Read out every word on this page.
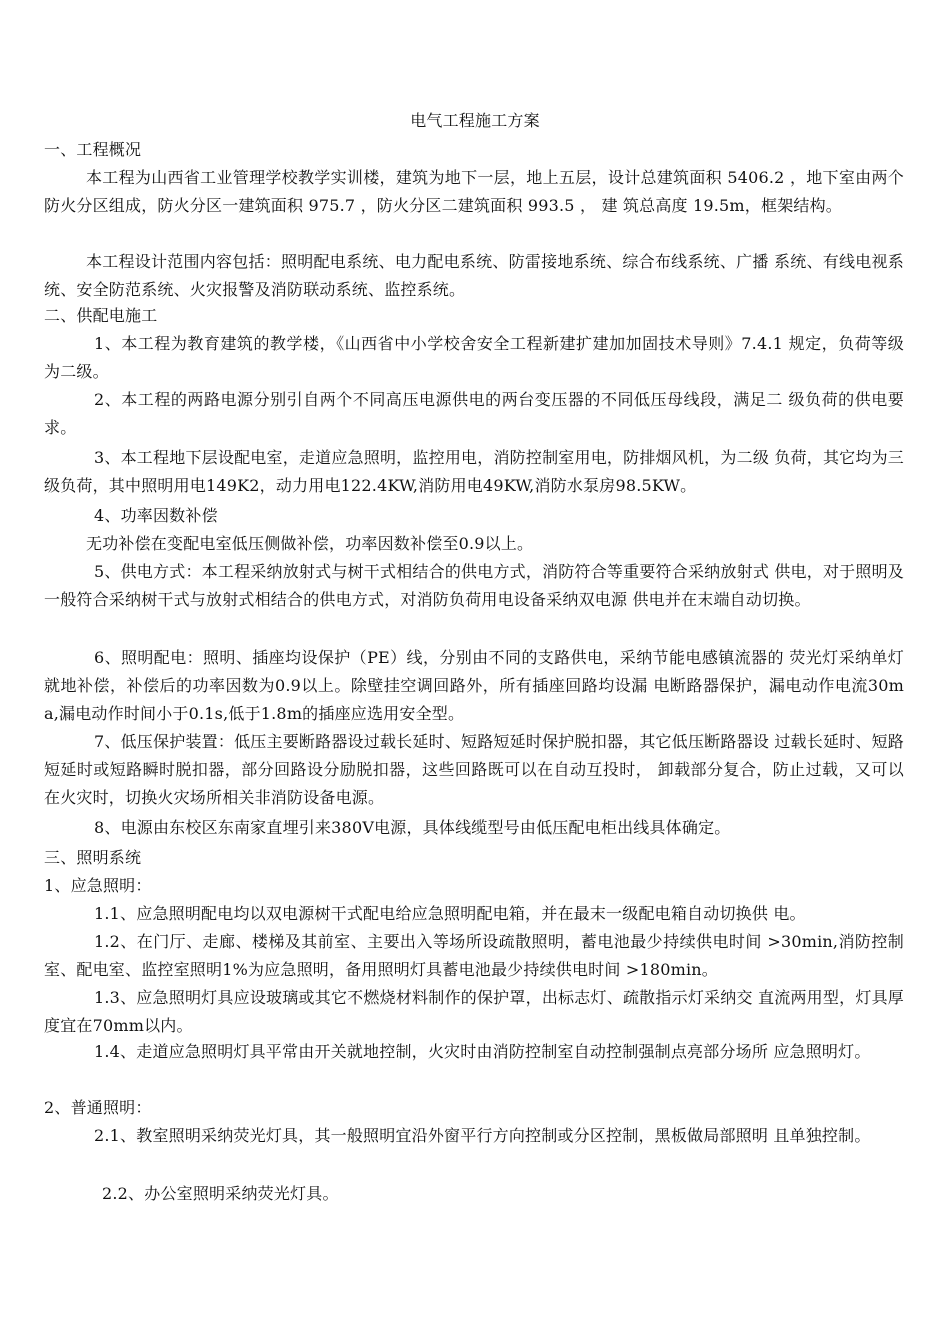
电气工程施工方案
一、工程概况
本工程为山西省工业管理学校教学实训楼，建筑为地下一层，地上五层，设计总建筑面积 5406.2 ，地下室由两个防火分区组成，防火分区一建筑面积 975.7 ，防火分区二建筑面积 993.5 ， 建 筑总高度 19.5m，框架结构。
本工程设计范围内容包括：照明配电系统、电力配电系统、防雷接地系统、综合布线系统、广播 系统、有线电视系统、安全防范系统、火灾报警及消防联动系统、监控系统。
二、供配电施工
1、本工程为教育建筑的教学楼，《山西省中小学校舍安全工程新建扩建加加固技术导则》7.4.1 规定，负荷等级为二级。
2、本工程的两路电源分别引自两个不同高压电源供电的两台变压器的不同低压母线段，满足二 级负荷的供电要求。
3、本工程地下层设配电室，走道应急照明，监控用电，消防控制室用电，防排烟风机，为二级 负荷，其它均为三级负荷，其中照明用电149K2，动力用电122.4KW,消防用电49KW,消防水泵房98.5KW。
4、功率因数补偿
无功补偿在变配电室低压侧做补偿，功率因数补偿至0.9以上。
5、供电方式：本工程采纳放射式与树干式相结合的供电方式，消防符合等重要符合采纳放射式 供电，对于照明及一般符合采纳树干式与放射式相结合的供电方式，对消防负荷用电设备采纳双电源 供电并在末端自动切换。
6、照明配电：照明、插座均设保护（PE）线，分别由不同的支路供电，采纳节能电感镇流器的 荧光灯采纳单灯就地补偿，补偿后的功率因数为0.9以上。除壁挂空调回路外，所有插座回路均设漏 电断路器保护，漏电动作电流30ma,漏电动作时间小于0.1s,低于1.8m的插座应选用安全型。
7、低压保护装置：低压主要断路器设过载长延时、短路短延时保护脱扣器，其它低压断路器设 过载长延时、短路短延时或短路瞬时脱扣器，部分回路设分励脱扣器，这些回路既可以在自动互投时， 卸载部分复合，防止过载，又可以在火灾时，切换火灾场所相关非消防设备电源。
8、电源由东校区东南家直埋引来380V电源，具体线缆型号由低压配电柜出线具体确定。
三、照明系统
1、应急照明：
1.1、应急照明配电均以双电源树干式配电给应急照明配电箱，并在最末一级配电箱自动切换供 电。
1.2、在门厅、走廊、楼梯及其前室、主要出入等场所设疏散照明，蓄电池最少持续供电时间 >30min,消防控制室、配电室、监控室照明1%为应急照明，备用照明灯具蓄电池最少持续供电时间 >180min。
1.3、应急照明灯具应设玻璃或其它不燃烧材料制作的保护罩，出标志灯、疏散指示灯采纳交 直流两用型，灯具厚度宜在70mm以内。
1.4、走道应急照明灯具平常由开关就地控制，火灾时由消防控制室自动控制强制点亮部分场所 应急照明灯。
2、普通照明：
2.1、教室照明采纳荧光灯具，其一般照明宜沿外窗平行方向控制或分区控制，黑板做局部照明 且单独控制。
2.2、办公室照明采纳荧光灯具。
